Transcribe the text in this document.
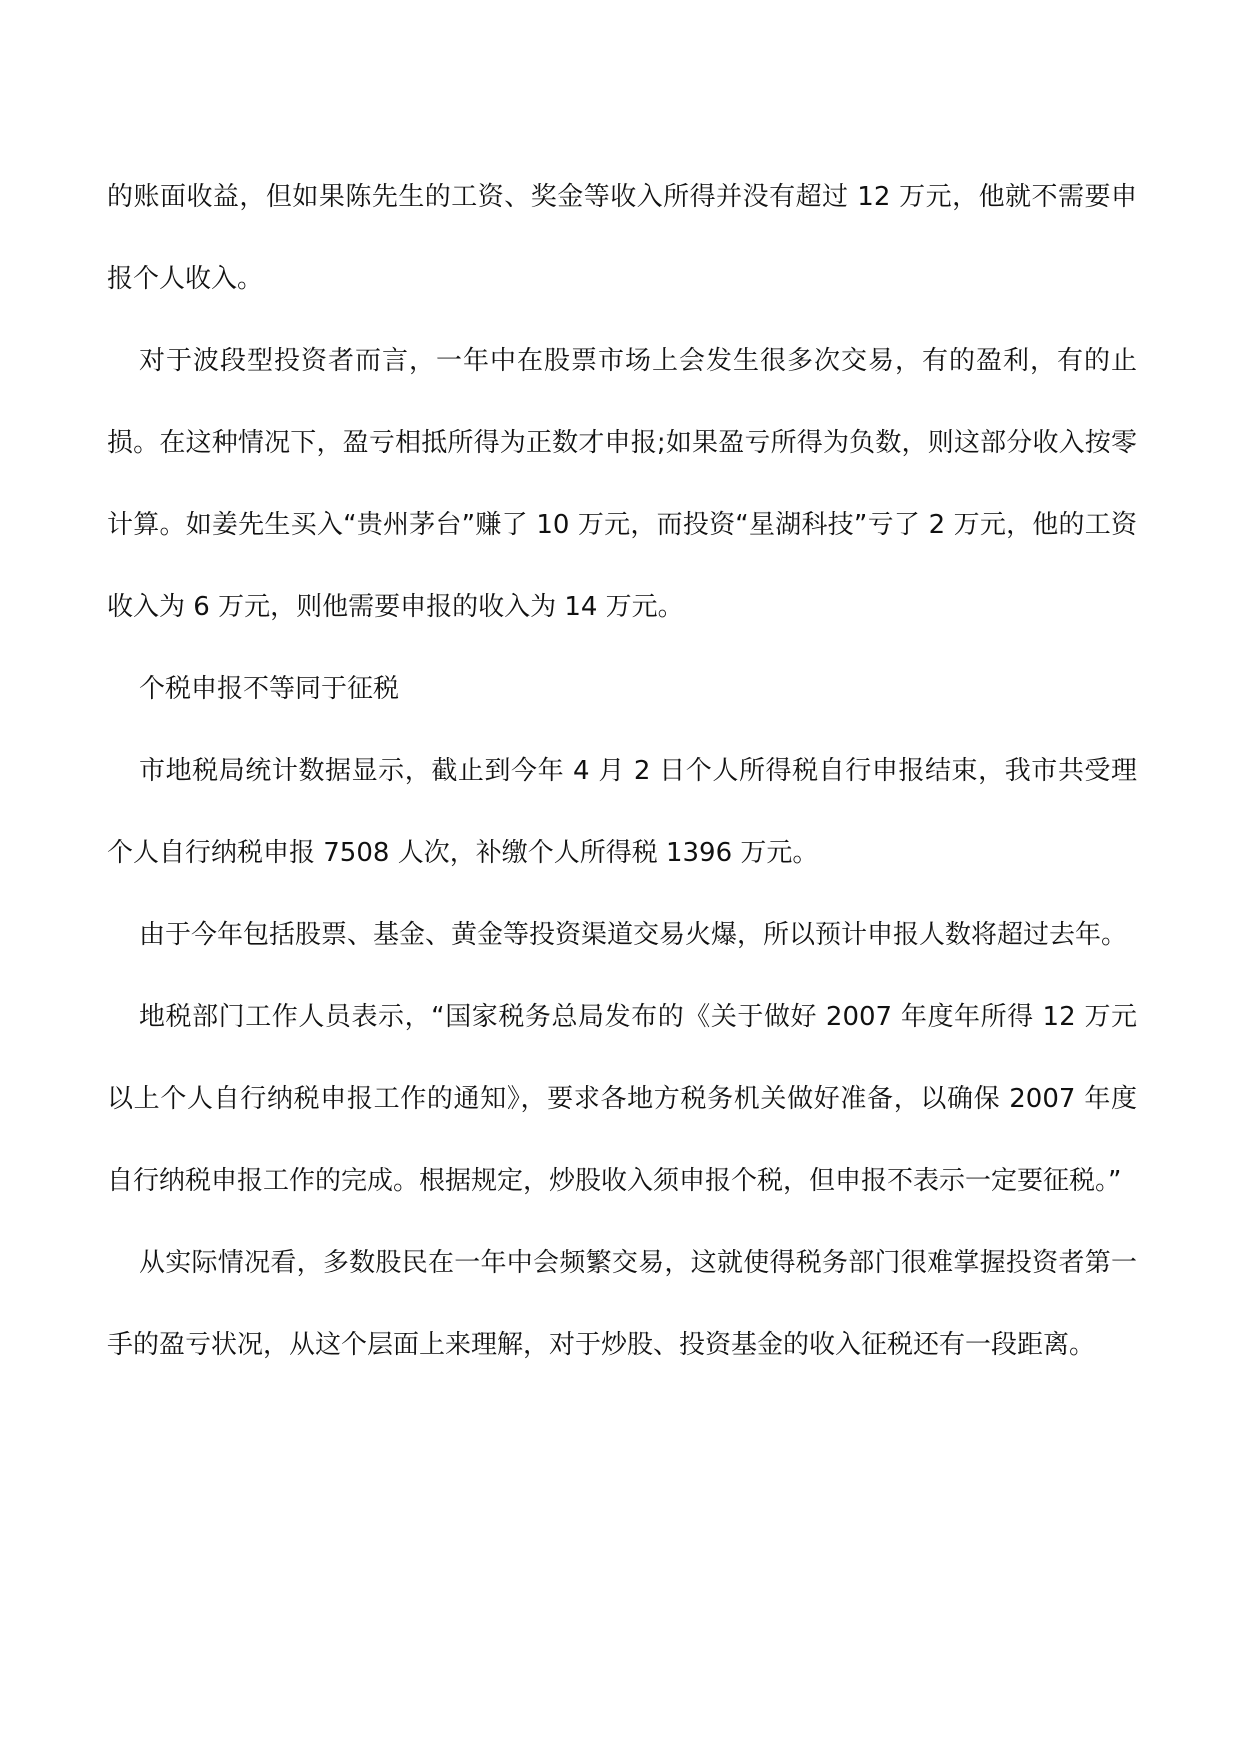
的账面收益，但如果陈先生的工资、奖金等收入所得并没有超过 12 万元，他就不需要申报个人收入。

对于波段型投资者而言，一年中在股票市场上会发生很多次交易，有的盈利，有的止损。在这种情况下，盈亏相抵所得为正数才申报;如果盈亏所得为负数，则这部分收入按零计算。如姜先生买入“贵州茅台”赚了 10 万元，而投资“星湖科技”亏了 2 万元，他的工资收入为 6 万元，则他需要申报的收入为 14 万元。

个税申报不等同于征税

市地税局统计数据显示，截止到今年 4 月 2 日个人所得税自行申报结束，我市共受理个人自行纳税申报 7508 人次，补缴个人所得税 1396 万元。

由于今年包括股票、基金、黄金等投资渠道交易火爆，所以预计申报人数将超过去年。

地税部门工作人员表示，“国家税务总局发布的《关于做好 2007 年度年所得 12 万元以上个人自行纳税申报工作的通知》，要求各地方税务机关做好准备，以确保 2007 年度自行纳税申报工作的完成。根据规定，炒股收入须申报个税，但申报不表示一定要征税。”

从实际情况看，多数股民在一年中会频繁交易，这就使得税务部门很难掌握投资者第一手的盈亏状况，从这个层面上来理解，对于炒股、投资基金的收入征税还有一段距离。
